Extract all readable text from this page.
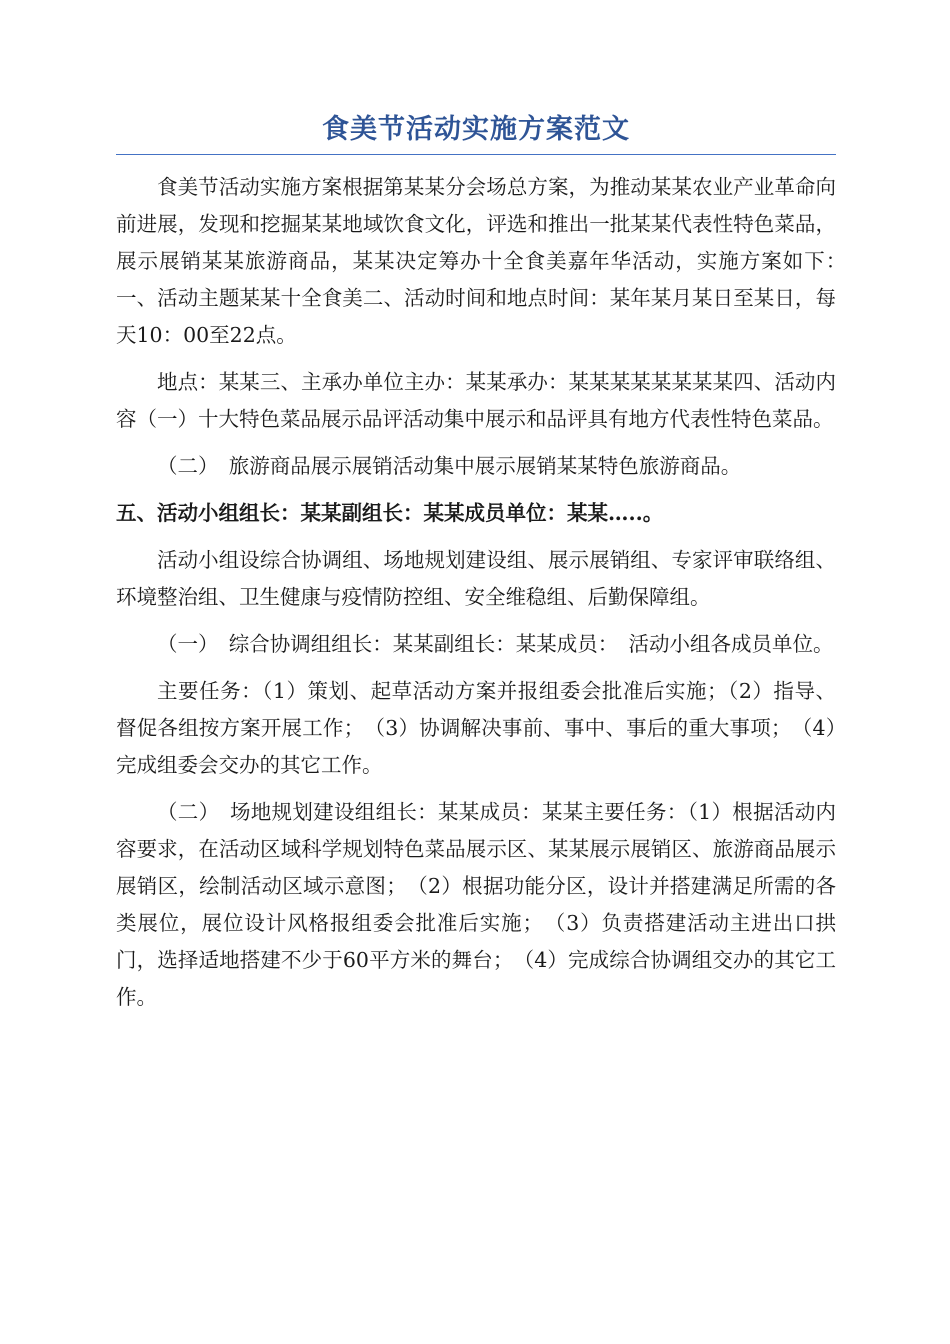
食美节活动实施方案范文

食美节活动实施方案根据第某某分会场总方案，为推动某某农业产业革命向前进展，发现和挖掘某某地域饮食文化，评选和推出一批某某代表性特色菜品，展示展销某某旅游商品，某某决定筹办十全食美嘉年华活动，实施方案如下：　 一、活动主题某某十全食美二、活动时间和地点时间：某年某月某日至某日，每天10：00至22点。

地点：某某三、主承办单位主办：某某承办：某某某某某某某某四、活动内容（一）十大特色菜品展示品评活动集中展示和品评具有地方代表性特色菜品。

（二）　旅游商品展示展销活动集中展示展销某某特色旅游商品。

五、活动小组组长：某某副组长：某某成员单位：某某…..。

活动小组设综合协调组、场地规划建设组、展示展销组、专家评审联络组、环境整治组、卫生健康与疫情防控组、安全维稳组、后勤保障组。

（一）　综合协调组组长：某某副组长：某某成员：　活动小组各成员单位。

主要任务：（1）策划、起草活动方案并报组委会批准后实施；（2）指导、督促各组按方案开展工作；　（3）协调解决事前、事中、事后的重大事项；　（4）完成组委会交办的其它工作。

（二）　场地规划建设组组长：某某成员：某某主要任务：（1）根据活动内容要求，在活动区域科学规划特色菜品展示区、某某展示展销区、旅游商品展示展销区，绘制活动区域示意图；　（2）根据功能分区，设计并搭建满足所需的各类展位，展位设计风格报组委会批准后实施；　（3）负责搭建活动主进出口拱门，选择适地搭建不少于60平方米的舞台；　（4）完成综合协调组交办的其它工作。
